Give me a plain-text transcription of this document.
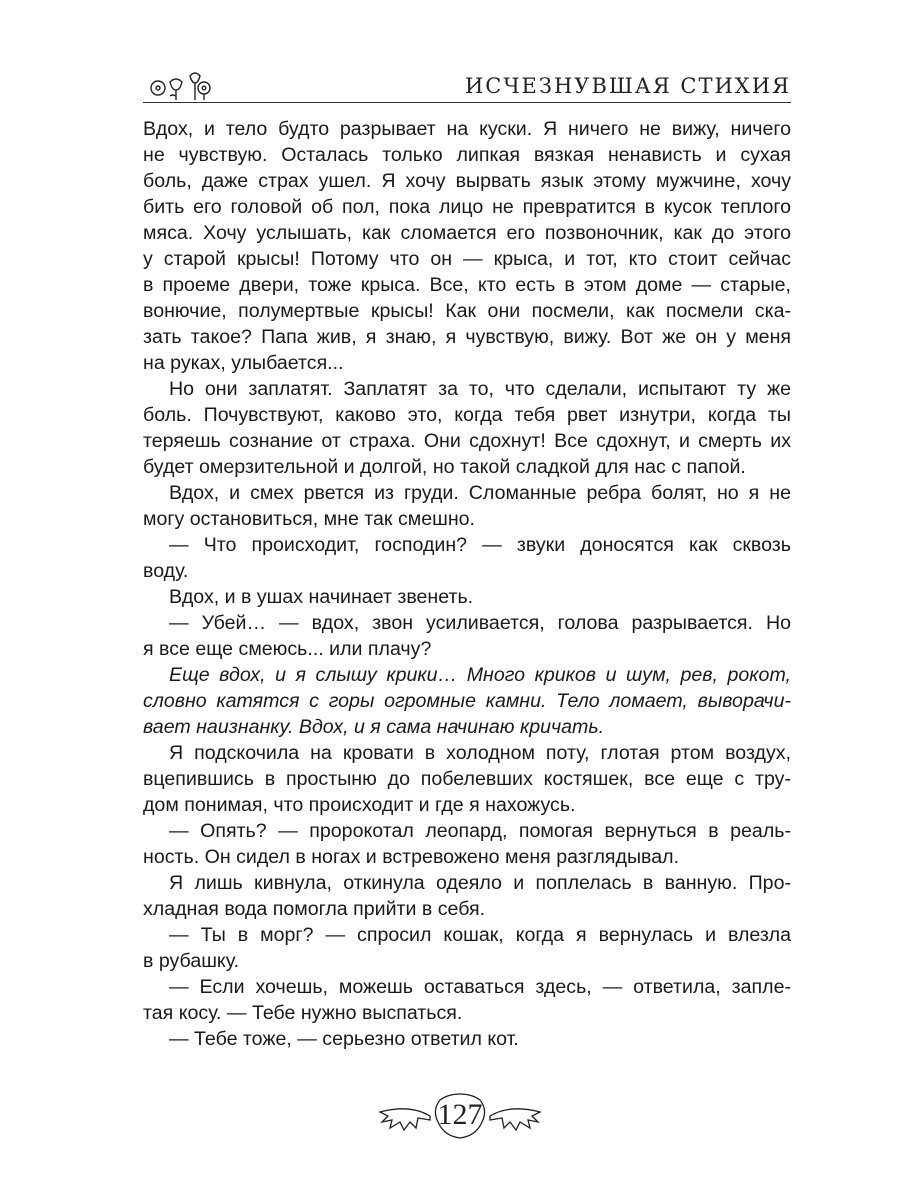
ИСЧЕЗНУВШАЯ СТИХИЯ
Вдох, и тело будто разрывает на куски. Я ничего не вижу, ничего
не чувствую. Осталась только липкая вязкая ненависть и сухая
боль, даже страх ушел. Я хочу вырвать язык этому мужчине, хочу
бить его головой об пол, пока лицо не превратится в кусок теплого
мяса. Хочу услышать, как сломается его позвоночник, как до этого
у старой крысы! Потому что он — крыса, и тот, кто стоит сейчас
в проеме двери, тоже крыса. Все, кто есть в этом доме — старые,
вонючие, полумертвые крысы! Как они посмели, как посмели ска-
зать такое? Папа жив, я знаю, я чувствую, вижу. Вот же он у меня
на руках, улыбается...
Но они заплатят. Заплатят за то, что сделали, испытают ту же
боль. Почувствуют, каково это, когда тебя рвет изнутри, когда ты
теряешь сознание от страха. Они сдохнут! Все сдохнут, и смерть их
будет омерзительной и долгой, но такой сладкой для нас с папой.
Вдох, и смех рвется из груди. Сломанные ребра болят, но я не
могу остановиться, мне так смешно.
— Что происходит, господин? — звуки доносятся как сквозь
воду.
Вдох, и в ушах начинает звенеть.
— Убей… — вдох, звон усиливается, голова разрывается. Но
я все еще смеюсь... или плачу?
Еще вдох, и я слышу крики… Много криков и шум, рев, рокот,
словно катятся с горы огромные камни. Тело ломает, выворачи-
вает наизнанку. Вдох, и я сама начинаю кричать.
Я подскочила на кровати в холодном поту, глотая ртом воздух,
вцепившись в простыню до побелевших костяшек, все еще с тру-
дом понимая, что происходит и где я нахожусь.
— Опять? — пророкотал леопард, помогая вернуться в реаль-
ность. Он сидел в ногах и встревожено меня разглядывал.
Я лишь кивнула, откинула одеяло и поплелась в ванную. Про-
хладная вода помогла прийти в себя.
— Ты в морг? — спросил кошак, когда я вернулась и влезла
в рубашку.
— Если хочешь, можешь оставаться здесь, — ответила, запле-
тая косу. — Тебе нужно выспаться.
— Тебе тоже, — серьезно ответил кот.
127
